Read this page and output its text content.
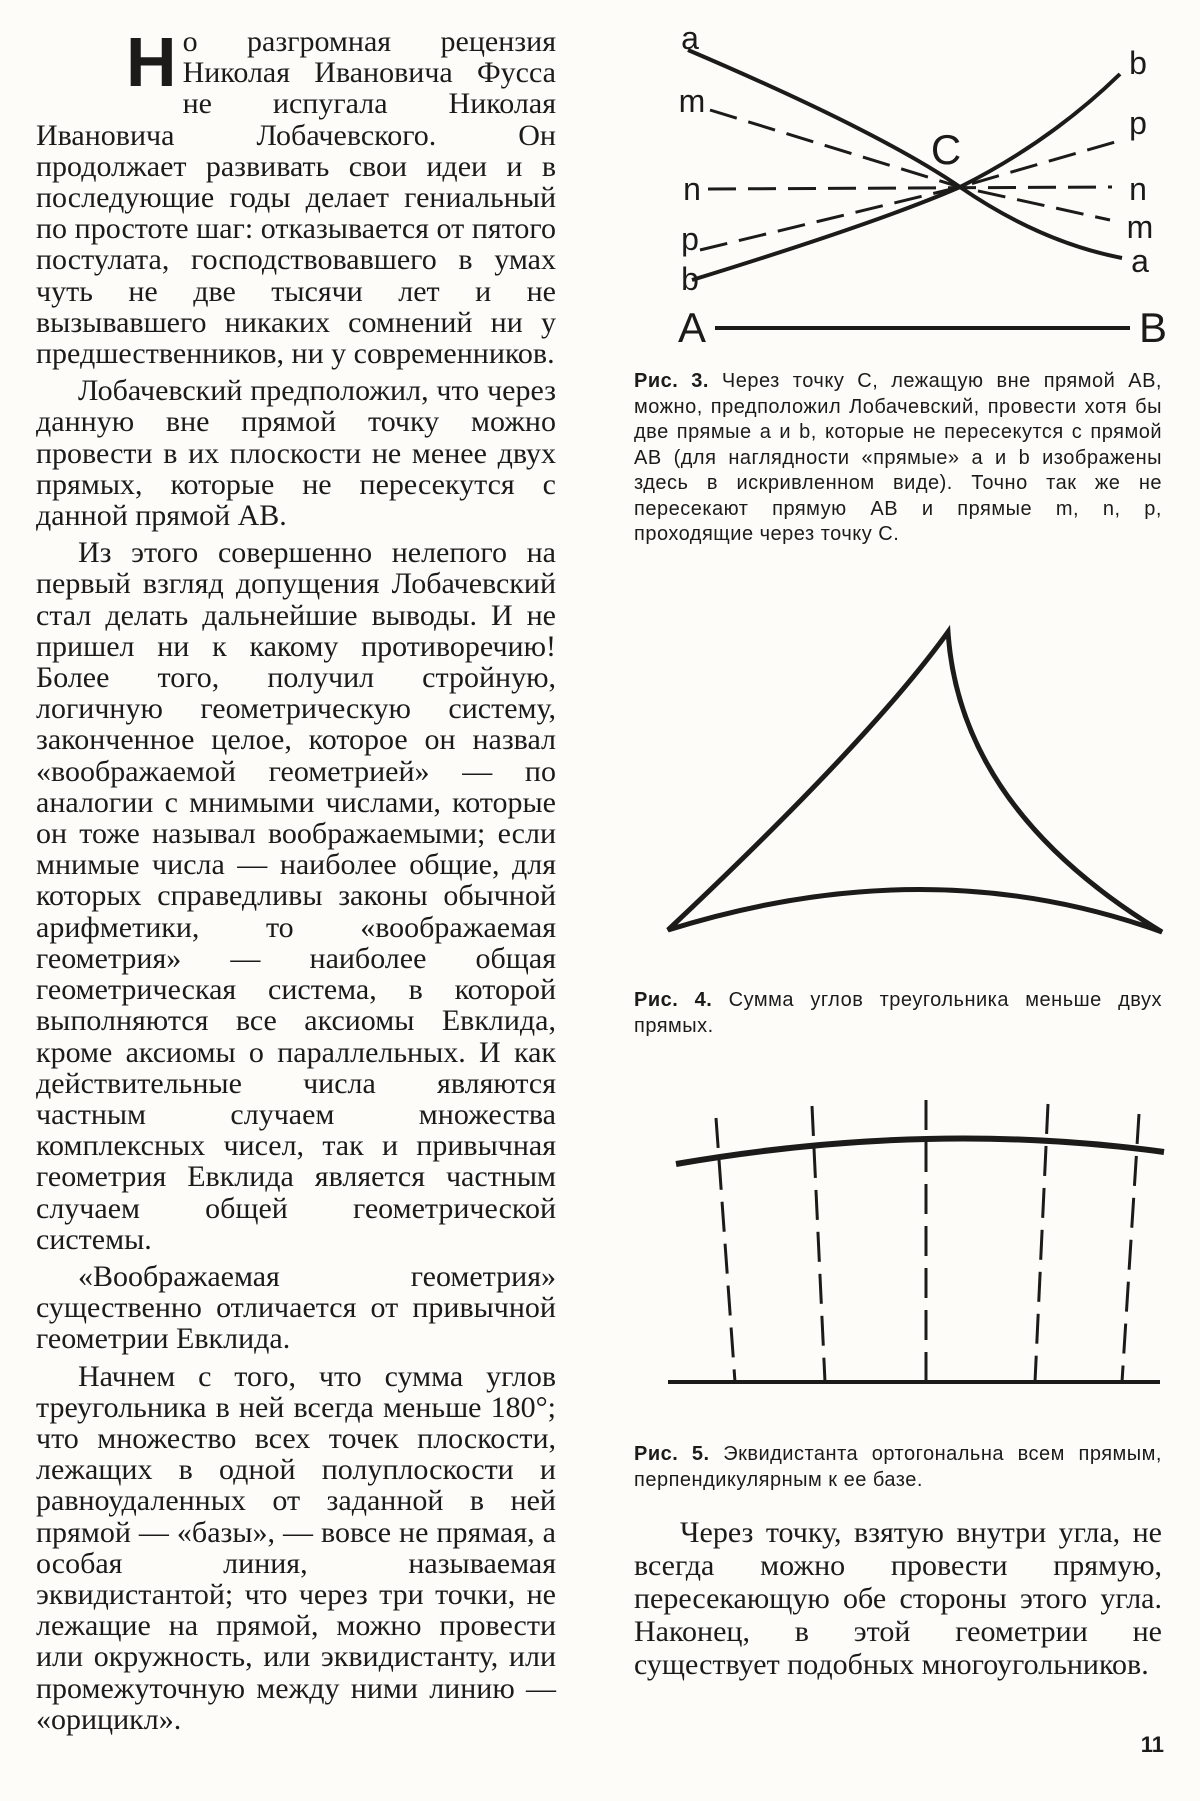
Но разгромная рецензия Николая Ивановича Фусса не испугала Николая Ивановича Лобачевского. Он продолжает развивать свои идеи и в последующие годы делает гениальный по простоте шаг: отказывается от пятого постулата, господствовавшего в умах чуть не две тысячи лет и не вызывавшего никаких сомнений ни у предшественников, ни у современников.

Лобачевский предположил, что через данную вне прямой точку можно провести в их плоскости не менее двух прямых, которые не пересекутся с данной прямой AB.

Из этого совершенно нелепого на первый взгляд допущения Лобачевский стал делать дальнейшие выводы. И не пришел ни к какому противоречию! Более того, получил стройную, логичную геометрическую систему, законченное целое, которое он назвал «воображаемой геометрией» — по аналогии с мнимыми числами, которые он тоже называл воображаемыми; если мнимые числа — наиболее общие, для которых справедливы законы обычной арифметики, то «воображаемая геометрия» — наиболее общая геометрическая система, в которой выполняются все аксиомы Евклида, кроме аксиомы о параллельных. И как действительные числа являются частным случаем множества комплексных чисел, так и привычная геометрия Евклида является частным случаем общей геометрической системы.

«Воображаемая геометрия» существенно отличается от привычной геометрии Евклида.

Начнем с того, что сумма углов треугольника в ней всегда меньше 180°; что множество всех точек плоскости, лежащих в одной полуплоскости и равноудаленных от заданной в ней прямой — «базы», — вовсе не прямая, а особая линия, называемая эквидистантой; что через три точки, не лежащие на прямой, можно провести или окружность, или эквидистанту, или промежуточную между ними линию — «орицикл».

a
m
n
p
b
b
p
n
m
a
C
A	B
Рис. 3. Через точку C, лежащую вне прямой AB, можно, предположил Лобачевский, провести хотя бы две прямые a и b, которые не пересекутся с прямой AB (для наглядности «прямые» a и b изображены здесь в искривленном виде). Точно так же не пересекают прямую AB и прямые m, n, p, проходящие через точку C.
Рис. 4. Сумма углов треугольника меньше двух прямых.
Рис. 5. Эквидистанта ортогональна всем прямым, перпендикулярным к ее базе.

Через точку, взятую внутри угла, не всегда можно провести прямую, пересекающую обе стороны этого угла. Наконец, в этой геометрии не существует подобных многоугольников.

11
